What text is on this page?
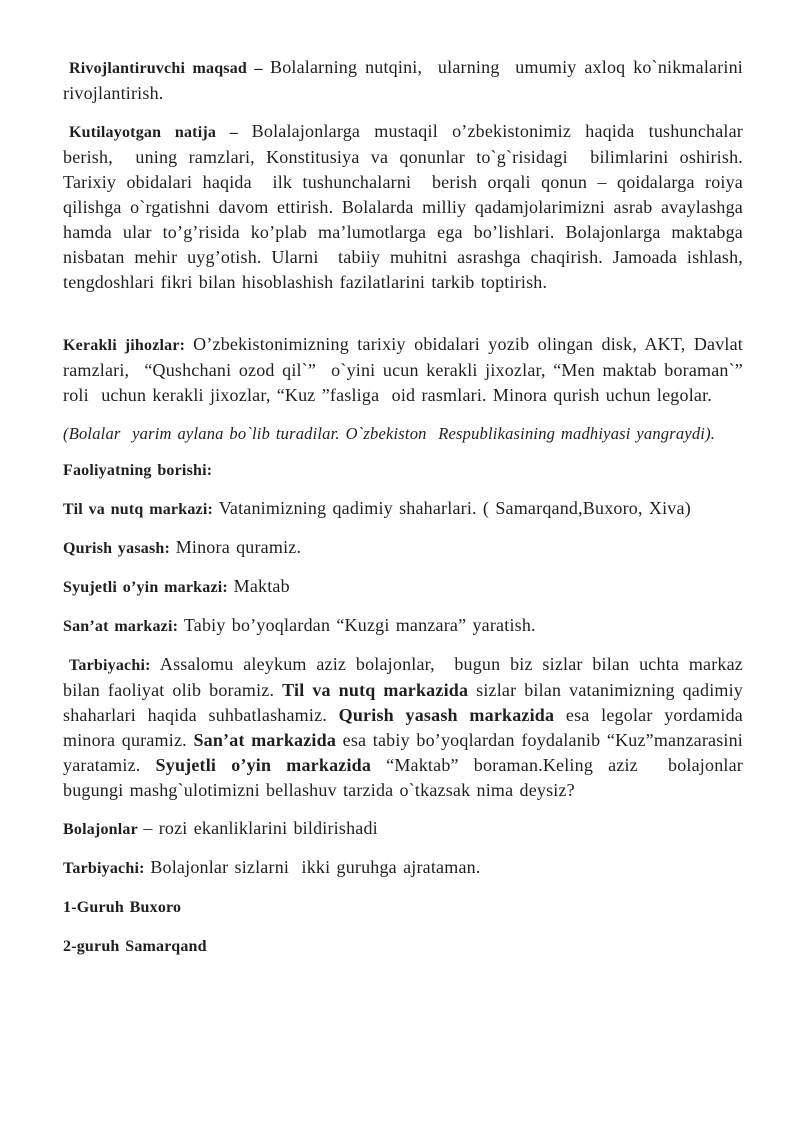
Rivojlantiruvchi maqsad – Bolalarning nutqini,  ularning  umumiy axloq ko`nikmalarini rivojlantirish.

Kutilayotgan natija – Bolalajonlarga mustaqil o’zbekistonimiz haqida tushunchalar berish,  uning ramzlari, Konstitusiya va qonunlar to`g`risidagi  bilimlarini oshirish. Tarixiy obidalari haqida  ilk tushunchalarni  berish orqali qonun – qoidalarga roiya qilishga o`rgatishni davom ettirish. Bolalarda milliy qadamjolarimizni asrab avaylashga hamda ular to’g’risida ko’plab ma’lumotlarga ega bo’lishlari. Bolajonlarga maktabga nisbatan mehir uyg’otish. Ularni  tabiiy muhitni asrashga chaqirish. Jamoada ishlash, tengdoshlari fikri bilan hisoblashish fazilatlarini tarkib toptirish.

Kerakli jihozlar: O’zbekistonimizning tarixiy obidalari yozib olingan disk, AKT, Davlat ramzlari,  “Qushchani ozod qil`”  o`yini ucun kerakli jixozlar, “Men maktab boraman`” roli  uchun kerakli jixozlar, “Kuz ”fasliga  oid rasmlari. Minora qurish uchun legolar.

(Bolalar  yarim aylana bo`lib turadilar. O`zbekiston  Respublikasining madhiyasi yangraydi).

Faoliyatning borishi:

Til va nutq markazi: Vatanimizning qadimiy shaharlari. ( Samarqand,Buxoro, Xiva)

Qurish yasash: Minora quramiz.

Syujetli o’yin markazi: Maktab

San’at markazi: Tabiy bo’yoqlardan “Kuzgi manzara” yaratish.

Tarbiyachi: Assalomu aleykum aziz bolajonlar,  bugun biz sizlar bilan uchta markaz bilan faoliyat olib boramiz. Til va nutq markazida sizlar bilan vatanimizning qadimiy shaharlari haqida suhbatlashamiz. Qurish yasash markazida esa legolar yordamida minora quramiz. San’at markazida esa tabiy bo’yoqlardan foydalanib “Kuz”manzarasini yaratamiz. Syujetli o’yin markazida “Maktab” boraman.Keling aziz  bolajonlar  bugungi mashg`ulotimizni bellashuv tarzida o`tkazsak nima deysiz?

Bolajonlar – rozi ekanliklarini bildirishadi

Tarbiyachi: Bolajonlar sizlarni  ikki guruhga ajrataman.

1-Guruh Buxoro

2-guruh Samarqand
